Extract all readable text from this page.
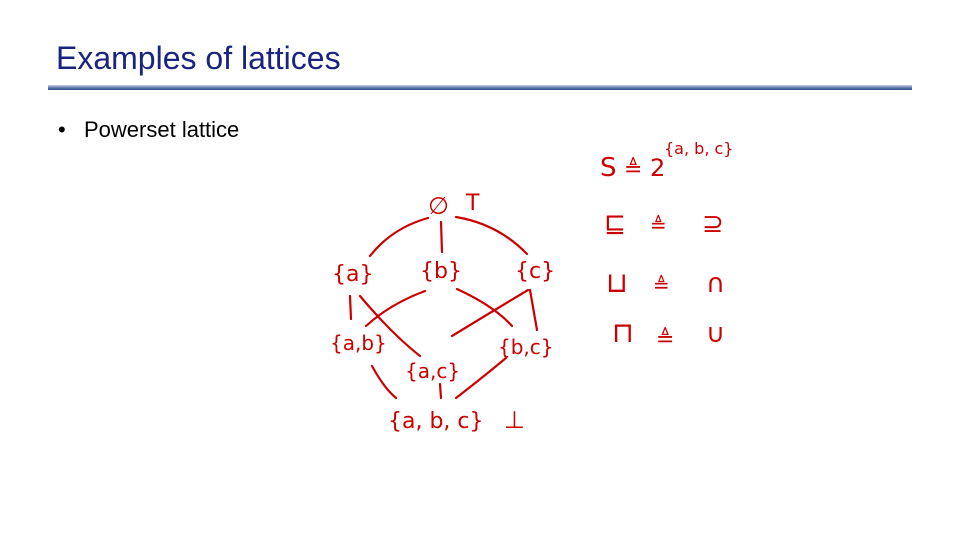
Examples of lattices
• Powerset lattice
∅ T
{a} {b} {c}
{a,b}
{a,c}
{b,c}
{a, b, c} ⊥
S ≜ 2
{a, b, c}
⊑ ≜ ⊇
⊔ ≜ ∩
⊓ ≜ ∪
